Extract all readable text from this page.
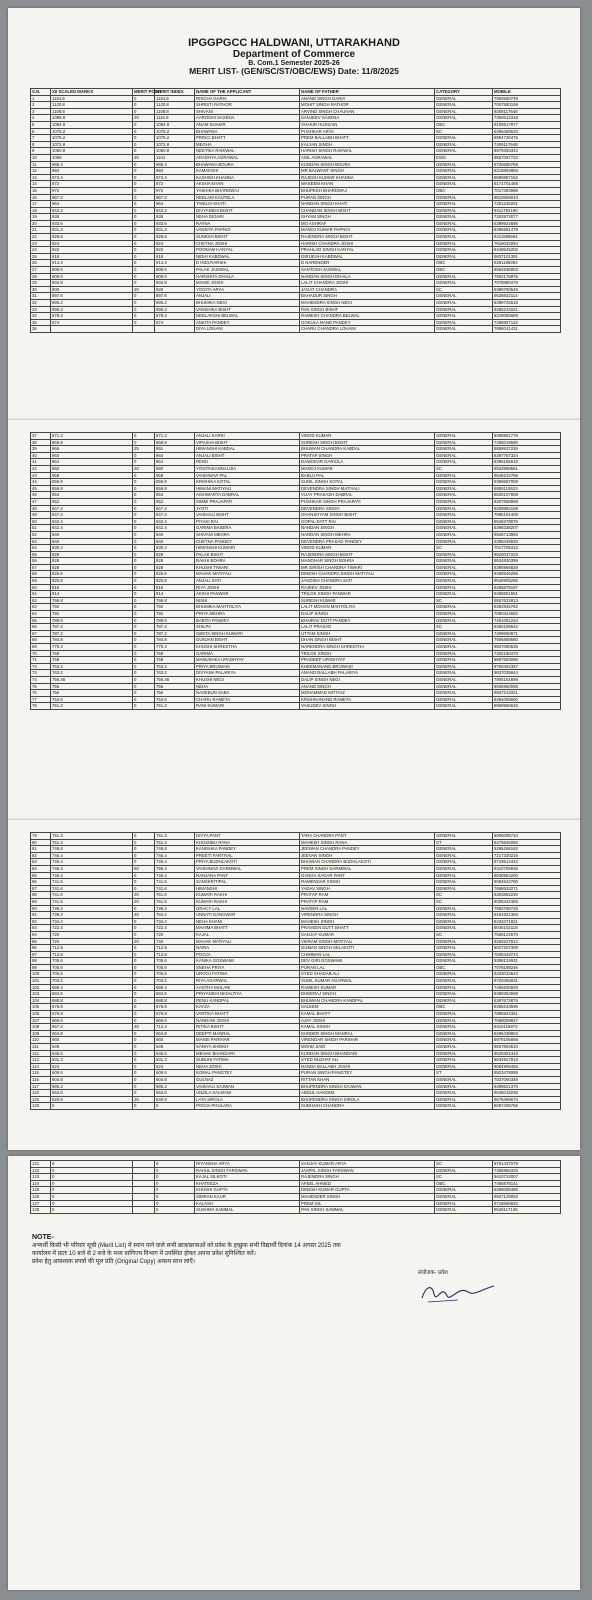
IPGGPGCC HALDWANI, UTTARAKHAND
Department of Commerce
B. Com.1 Semester 2025-26
MERIT LIST- (GEN/SC/ST/OBC/EWS) Date: 11/8/2025
S.N.	XII SCALED MARKS	MERIT POINT	MERIT INDEX	NAME OF THE APPLICANT	NAME OF FATHER	CATEGORY	MOBILE
1	1151.6	0	1151.6	RHICHA GARIA	ANAND SINGH GARIA	GENERAL	7900660749
2	1120.8	0	1120.8	SHRISTI RATHOR	MOHIT SINGH RATHOR	GENERAL	7007580199
3	1108.8	0	1108.8	SHIVANI	ARVIND SINGH CHAUHAN	GENERAL	9258117648
4	1096.8	20	1116.8	AAROOHI SAXENA	SANJEEV SAXENA	GENERAL	7300612316
5	1084.8	0	1084.8	ANAM SHAKIR	SHAKIR HUSSAIN	OBC	9105517877
6	1075.2	0	1075.2	BHAWANA	PUSHKAR ARYA	SC	6396468533
7	1075.2	0	1075.2	PRINCI BHATT	PREM BALLABH BHATT	GENERAL	8954730475
8	1072.8	0	1072.8	MEGHA	KALYAN SINGH	GENERAL	7409117648
9	1060.8	0	1060.8	NEETIKA RAIKWAL	HARISH SINGH RAIKWAL	GENERAL	8979393342
10	1056	45	1101	ARADHYA AGRAWAL	ANIL AGRAWAL	EWS	9557057722
11	986.4	0	986.4	BHAWANA BOURA	KUNDAN SINGH BOURA	GENERAL	9720680758
12	984	0	984	KAMAKSHI	MR BALWANT SINGH	GENERAL	8218894856
13	974.4	0	974.4	KASHISH KHANNA	RAJESH KUMAR KHANNA	GENERAL	9690887162
14	972	0	972	AKSHA KHAN	WASEEM KHAN	GENERAL	8171701488
15	972	0	972	YASHIKA BHARDWAJ	BHUPESH BHARDWAJ	OBC	7017393988
16	967.2	0	967.2	NEELAM KAUTELA	PURAN SINGH	GENERAL	8810669043
17	964	0	964	TANUJA KHATI	NANDAN SINGH KHATI	GENERAL	7351245201
18	943.2	0	943.2	DIVYANSHI BISHT	CHANDAN SINGH BISHT	GENERAL	9411792190
19	936	0	936	NEHA DIGARI	SHYAM SINGH	GENERAL	7302873077
20	933.6	0	933.6	RAYNA	MO ASHRAF	GENERAL	6399924695
21	931.2	0	931.2	VANSITA PAPNOI	MANOJ KUMAR PAPNOI	GENERAL	6395581479
22	928.8	0	928.8	SUNIDHI BISHT	RAJENDRA SINGH BISHT	GENERAL	9411596564
23	924	0	924	CHETNA JOSHI	HARISH CHANDRA JOSHI	GENERAL	7819032094
24	922	0	922	POONAM KANYAL	PRAHLAD SINGH KANYAL	GENERAL	8449645202
25	918	0	918	NIDHI KABDWAL	GIRIJESH KABDWAL	GENERAL	9837101391
26	914.4	0	914.4	D INDUYARSHI	D NARENDER	OBC	9281198384
27	909.6	0	909.6	PALAK JAISWAL	SANTOSH JAISWAL	OBC	8954936002
28	909.6	0	909.6	HARSHITA DHAILA	NANDAN SINGH DHAILA	GENERAL	7902176875
29	904.8	0	904.8	MANSI JOSHI	LALIT CHANDRA JOSHI	GENERAL	7078880478
30	900	20	920	YOGITA ARYA	JAGAT CHANDRA	SC	9389790549
31	897.6	0	897.6	ANJALI	BAHADUR SINGH	GENERAL	9528832114
32	895.2	0	895.2	BHUMIKA NEGI	MAHENDRA SINGH NEGI	GENERAL	6399725518
33	890.4	0	890.4	VANSHIKA BISHT	PAN SINGH BISHT	GENERAL	9286234021
34	878.4	0	878.4	NEELAKSHI BELWAL	RAMESH CHANDRA BELWAL	GENERAL	8218085689
35	874	0	874	ANKITA PANDEY	GOKULA NAND PANDEY	GENERAL	7286857122
36				DIYA LOHANI	CHARU CHANDRA LOHANI	GENERAL	7895041431
37	871.2	0	871.2	ANJALI KARKI	VINOD KUMAR	GENERAL	9368951778
38	868.8	0	868.8	VIPASHA BISHT	SURESH SINGH BISHT	GENERAL	7455019590
39	866	25	891	HIMANSHI KABDAL	BHUWAN CHANDRA KABDAL	GENERAL	8859937226
40	864	0	864	ANJALI BISHT	PRATAP SINGH	GENERAL	6397767324
41	864	0	864	RENU	DAMODAR GARIOLA	GENERAL	6396185615
42	860	20	880	YOGITAKANNAUJIA	MANOJ KUMAR	SC	8533998561
43	858	0	858	VAISHNAVI PAL	BABLU PAL	GENERAL	9548232798
44	856.8	0	856.8	KRISHIKA KOTAL	SUNIL SINGH KOTAL	GENERAL	9389687009
45	856.8	0	856.8	HIMANI MATIYALI	DEVENDRA SINGH MATIYALI	GENERAL	8859110623
46	854	0	854	AISHWARYA DABRAL	VIJAY PRAKASH DABRAL	GENERAL	8630107908
47	852	0	852	SIMMI PRAJAPATI	PUSHKAR SINGH PRAJAPATI	GENERAL	8307668899
48	847.2	0	847.2	JYOTI	DEVENDRA SINGH	GENERAL	9259884168
49	847.2	0	847.2	VAISHALI BISHT	GHANSHYAM SINGH BISHT	GENERAL	7895191408
50	842.4	0	842.4	PIYAKI RAI	GOPAL DATT RAI	GENERAL	9548378076
51	842.4	0	842.4	GARIMA BASERA	NANDAN SINGH	GENERAL	6398338207
52	840	0	840	SHIVANI MEHRA	NANDAN SINGH MEHRA	GENERAL	9528713893
53	840	0	840	CHETNA PANDEY	DEVENDRA PRASAD PANDEY	GENERAL	6398449830
54	830.4	0	830.4	HIMANSHI KUMARI	VINOD KUMAR	SC	7017705312
55	828	0	828	PALAK BISHT	RAJENDRA SINGH BISHT	GENERAL	9520037223
56	828	0	828	RAKHI BOHRA	MANOHAR SINGH BOHRA	GENERAL	8534830399
57	828	0	828	KHUSHI TIWARI	MR GIRISH CHANDRA TIWARI	GENERAL	8395968828
58	825.6	0	825.6	MAHAK MATIYALI	DINESH CHANDRA SINGH MATIYALI	GENERAL	9458946256
59	820.8	0	820.8	ANJALI SATI	JAGDISH CHANDRA SATI	GENERAL	9528905285
60	816	0	816	RIYA JOSHI	RAJEEV JOSHI	GENERAL	8265878197
61	814	0	814	AKSHI PANWAR	TRILOK SINGH PANWAR	GENERAL	9368801551
62	796.8	0	796.8	NISHI	SURESH KUMAR	SC	9557622813
63	792	0	792	BHUMIKA MAHTOLIYA	LALIT MOHAN MAHTOLIYA	GENERAL	8392845782
64	792	0	792	PRIYA MEHRA	DALIP SINGH	GENERAL	7060444682
65	789.6	0	789.6	BABITA PANDEY	BHAIRAV DUTT PANDEY	GENERAL	7451051224
66	787.2	0	787.2	SHILPA	LALIT PRASAD	SC	9456195542
67	787.2	0	787.2	GEETA SINGH KUMARI	UTTAM SINGH	GENERAL	7409660871
68	784.8	0	784.8	GUNJAN BISHT	DHAN SINGH BISHT	GENERAL	7906889560
69	770.4	0	770.4	KHUSHI SHRESTHA	NARENDRA SINGH SHRESTHA	GENERAL	9837090536
70	768	0	768	GARIMA	TRILOK SINGH	GENERAL	7302180470
71	768	0	768	MANUSHKA UPADHYAY	PRADEEP UPADHYAY	GENERAL	9897593096
72	763.2	0	763.2	PRIYA BRIJWASI	KHEEMANAND BRIJWASI	GENERAL	9760492357
73	763.2	0	763.2	DIVYANA PALARIYA	ANAND BALLABH PALARIYA	GENERAL	9837035644
74	756.46	0	756.46	KHUSHI NEGI	DALIP SINGH NEGI	GENERAL	7906161698
75	756	0	756	NEHA	ANAND SINGH	GENERAL	8936960058
76	756	0	756	NASEBUN SABA	MOHAMMAD IMTIYAZ	GENERAL	9837213321
77	753.6	0	753.6	CHARU RAMETA	KRISHNANAND RAMETA	GENERAL	8394058600
78	751.2	0	751.2	RANI KUMARI	VASUDEV SINGH	GENERAL	8958956615
79	751.2	0	751.2	DIVYA PANT	TARA CHANDRA PANT	GENERAL	8006095734
80	751.2	0	751.2	KHUSHBU RANA	MAHESH SINGH RANA	ST	8475846080
81	748.8	0	748.8	KANISHKA PANDEY	JEEWAN CHANDRA PANDEY	GENERAL	9286266162
82	746.4	0	746.4	PREETI FARTIYAL	JEEVAN SINGH	GENERAL	7217320216
83	746.4	0	746.4	PRIYA BUDHLAKOTI	BHUWAN CHANDRA BUDHLAKOTI	GENERAL	9719514442
84	746.4	50	796.4	VAISHNAVI DARMWAL	PREM SINGH DARMWAL	GENERAL	9410755936
85	746.4	0	746.4	RANJANA PANT	GANGA SAGAR PANT	GENERAL	8630554200
86	741.6	0	741.6	SANSKRITIPAL	RAMENDAR SINGH	GENERAL	9084642780
87	741.6	0	741.6	HIMANSHI	YADAV SINGH	GENERAL	7668633271
88	741.6	20	761.6	KUMARI RAKHI	PRATAP RAM	SC	6303852230
89	741.6	20	761.6	KUMARI RAKHI	PRATAP RAM	SC	8005442485
90	739.2	0	739.2	GRACY LAL	NAVEEN LAL	GENERAL	7983796725
91	739.2	45	784.2	UNNATI GANGWAR	VIRENDRA SINGH	GENERAL	8191921365
92	734.4	0	734.4	NEHA KHANI	MAHESH SINGH	GENERAL	8433471821
93	722.4	0	722.4	MAHIMA BHATT	PRAVEEN DUTT BHATT	GENERAL	9045102118
94	720	0	720	KAJAL	SANJAY KUMAR	SC	7668122670
95	720	20	740	MAHAK MATIYALI	VIKRAM SINGH MATIYALI	GENERAL	9259227812
96	712.8	0	712.8	NAINA	GUMAN SINGH SELAKOTI	GENERAL	9027207309
97	712.8	0	712.8	POOJA	CHIMMAN LAL	GENERAL	7830443743
98	705.6	0	705.6	KANIKA GOSWAMI	DEV GIRI GOSWAMI	GENERAL	9398134931
99	705.6	0	705.6	SNEHA PRIYA	PURAN LAL	OBC	7078188246
100	705.6	0	705.6	UROOJ FATIMA	SYED SHADAB ALI	GENERAL	8433033643
101	703.2	0	703.2	RIYA AGARWAL	SUNIL KUMAR AGARWAL	GENERAL	9720455831
102	698.4	0	698.4	AASTHA MULANI	RAMESH KUMAR	GENERAL	7456930929
103	693.6	0	693.6	PRIYANSHI NIGALTIYA	DHEERAJ SINGH	GENERAL	9389354598
104	688.8	0	688.8	RENU KANDPAL	BHUWAN CHANDRA KANDPAL	GENERAL	6397673876
105	676.8	0	676.8	KAYZA	SALEEM	OBC	9368243596
106	676.8	0	676.8	VARTIKA BHATT	KAMAL BHATT	GENERAL	7895844351
107	669.6	0	669.6	NANDANI JOSHI	AJAY JOSHI	GENERAL	7088009837
108	667.2	45	712.2	RITIKA BISHT	KAMAL SINGH	GENERAL	9410116972
109	664.8	0	664.8	DEEPTI MANRAL	SUNDER SINGH MANRAL	GENERAL	9286438904
110	660	0	660	MANSI PARIHAR	VIRENDAR SINGH PARIHAR	GENERAL	8979195668
111	648	0	648	SANIYA SHEIKH	MOHD SAID	GENERAL	9837894510
112	645.6	0	645.6	MEHAK BHANDARI	KUNDAN SINGH BHANDARI	GENERAL	9520301443
113	631.2	0	631.2	SUBUHI FATIMA	SYED NUZHAT ALI	GENERAL	9634927913
114	624	0	624	NEHA JOSHI	NANDA BALLABH JOSHI	GENERAL	9084906465
115	609.6	0	609.6	KOMAL PANGTEY	PURAN SINGH PANGTEY	ST	8923478089
116	604.8	0	604.8	GULNAZ	RITTAN KHAN	GENERAL	7037060348
117	595.2	0	595.2	VAISHALI SAJWAN	BHUPENDRA SINGH SAJWAN	GENERAL	6399521370
118	563.6	0	563.6	UNZILA SALMANI	ABDUL HAKEEM	GENERAL	9045018235
119	520.8	20	540.8	LATA SIROLA	BHUPENDRA SINGH SIROLA	GENERAL	9675399673
120	0	0	0	POOJA PHULARA	SUBHASH CHANDRA	GENERAL	8057405766
121	0		0	RIYANSHA ARYA	SANJAY KUMAR ARYA	SC	9761437079
122	0		0	RAHUL SINGH FARSWAN	JASPAL SINGH FARSWAN	GENERAL	7466956325
123	0		0	KAJAL SILKOTI	RAJENDRA SINGH	SC	9410722007
124	0		0	KHATEEZA	AFEEL AHMED	OBC	7465878141
125	0		0	KHUSHI GUPTA	DINESH KUMAR GUPTA	GENERAL	6398085485
126	0		0	SIMRAN KAUR	MAHENDER SINGH	GENERAL	9927129083
127	0		0	KALASH	PREM GIL	GENERAL	9718568932
128	0		0	SUSHMA SAMMAL	PAN SINGH SAMMAL	GENERAL	9528117136
NOTE-
अभ्यर्थी किसी भी परिवार सूची (Merit List) में स्थान पाने वाले सभी छात्र/छात्राओं को प्रवेश के इच्छुक सभी विद्यार्थी दिनांक 14 अगस्त 2025 तक
कार्यालय में प्रातः 10 बजे से 2 बजे के मध्य वाणिज्य विभाग में उपस्थित होकर अपना प्रवेश सुनिश्चित करें।
प्रवेश हेतु आवश्यक प्रपत्रों की मूल प्रति (Original Copy) अवश्य साथ लाएँ।
संयोजक- प्रवेश
